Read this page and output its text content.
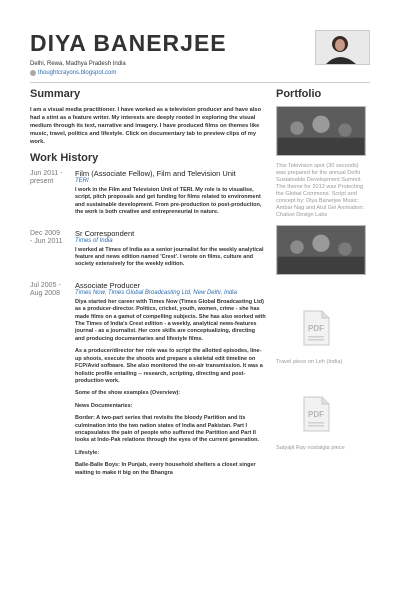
DIYA BANERJEE
Delhi, Rewa, Madhya Pradesh India
thoughtcrayons.blogspot.com
Summary
I am a visual media practitioner. I have worked as a television producer and have also had a stint as a feature writer. My interests are deeply rooted in exploring the visual medium through its text, narrative and imagery. I have produced films on themes like music, travel, politics and lifestyle. Click on documentary tab to preview clips of my work.
Work History
Jun 2011 -
present
Film (Associate Fellow), Film and Television Unit
TERI
I work in the Film and Television Unit of TERI. My role is to visualise, script, pitch proposals and get funding for films related to environment and sustainable development. From pre-production to post-production, the work is both creative and entrepreneurial in nature.
Dec 2009
- Jun 2011
Sr Correspondent
Times of India
I worked at Times of India as a senior journalist for the weekly analytical feature and news edition named 'Crest'. I wrote on films, culture and society extensively for the weekly edition.
Jul 2005 -
Aug 2008
Associate Producer
Times Now, Times Global Broadcasting Ltd, New Delhi, India
Diya started her career with Times Now (Times Global Broadcasting Ltd) as a producer-director. Politics, cricket, youth, women, crime - she has made films on a gamut of compelling subjects. She has also worked with The Times of India's Crest edition - a weekly, analytical news-features journal - as a journalist. Her core skills are conceptualizing, directing and producing documentaries and lifestyle films.
As a producer/director her role was to script the allotted episodes, line-up shoots, execute the shoots and prepare a skeletal edit timeline on FCP/Avid software. She also monitored the on-air transmission. It was a holistic profile entailing -- research, scripting, directing and post-production work.
Some of the show examples (Overview):
News Documentaries:
Border: A two-part series that revisits the bloody Partition and its culmination into the two nation states of India and Pakistan. Part I encapsulates the pain of people who suffered the Partition and Part II looks at Indo-Pak relations through the eyes of the current generation.
Lifestyle:
Balle-Balle Boys: In Punjab, every household shelters a closet singer waiting to make it big on the Bhangra
Portfolio
This Television spot (30 seconds) was prepared for the annual Delhi Sustainable Development Summit. The theme for 2012 was Protecting the Global Commons. Script and concept by: Diya Banerjee Music: Ambar Nag and Atul Giri Animation: Chaluvi Design Labs
PDF
Travel piece on Leh (India)
PDF
Satyajit Ray nostalgia piece
